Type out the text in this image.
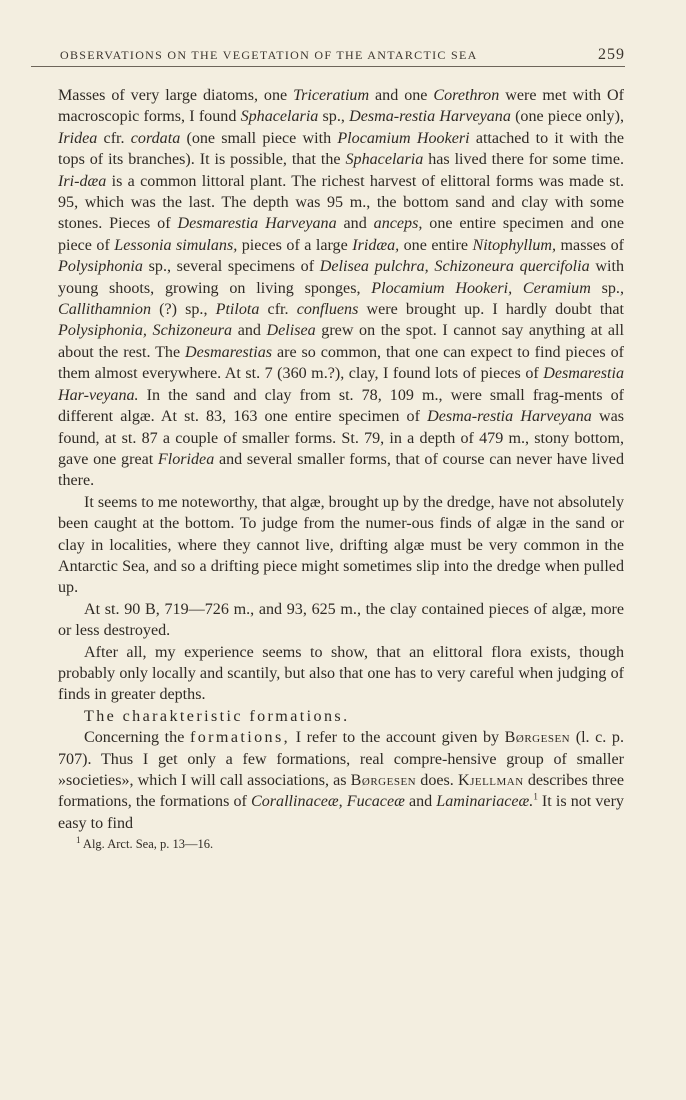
OBSERVATIONS ON THE VEGETATION OF THE ANTARCTIC SEA	259

Masses of very large diatoms, one Triceratium and one Corethron were met with Of macroscopic forms, I found Sphacelaria sp., Desma-restia Harveyana (one piece only), Iridea cfr. cordata (one small piece with Plocamium Hookeri attached to it with the tops of its branches). It is possible, that the Sphacelaria has lived there for some time. Iri-dæa is a common littoral plant. The richest harvest of elittoral forms was made st. 95, which was the last. The depth was 95 m., the bottom sand and clay with some stones. Pieces of Desmarestia Harveyana and anceps, one entire specimen and one piece of Lessonia simulans, pieces of a large Iridæa, one entire Nitophyllum, masses of Polysiphonia sp., several specimens of Delisea pulchra, Schizoneura quercifolia with young shoots, growing on living sponges, Plocamium Hookeri, Ceramium sp., Callithamnion (?) sp., Ptilota cfr. confluens were brought up. I hardly doubt that Polysiphonia, Schizoneura and Delisea grew on the spot. I cannot say anything at all about the rest. The Desmarestias are so common, that one can expect to find pieces of them almost everywhere. At st. 7 (360 m.?), clay, I found lots of pieces of Desmarestia Har-veyana. In the sand and clay from st. 78, 109 m., were small frag-ments of different algæ. At st. 83, 163 one entire specimen of Desma-restia Harveyana was found, at st. 87 a couple of smaller forms. St. 79, in a depth of 479 m., stony bottom, gave one great Floridea and several smaller forms, that of course can never have lived there.

It seems to me noteworthy, that algæ, brought up by the dredge, have not absolutely been caught at the bottom. To judge from the numer-ous finds of algæ in the sand or clay in localities, where they cannot live, drifting algæ must be very common in the Antarctic Sea, and so a drifting piece might sometimes slip into the dredge when pulled up.

At st. 90 B, 719—726 m., and 93, 625 m., the clay contained pieces of algæ, more or less destroyed.

After all, my experience seems to show, that an elittoral flora exists, though probably only locally and scantily, but also that one has to very careful when judging of finds in greater depths.

The charakteristic formations.

Concerning the formations, I refer to the account given by Børgesen (l. c. p. 707). Thus I get only a few formations, real compre-hensive group of smaller »societies», which I will call associations, as Børgesen does. Kjellman describes three formations, the formations of Corallinaceæ, Fucaceæ and Laminariaceæ.$^1$ It is not very easy to find

$^1$ Alg. Arct. Sea, p. 13—16.
